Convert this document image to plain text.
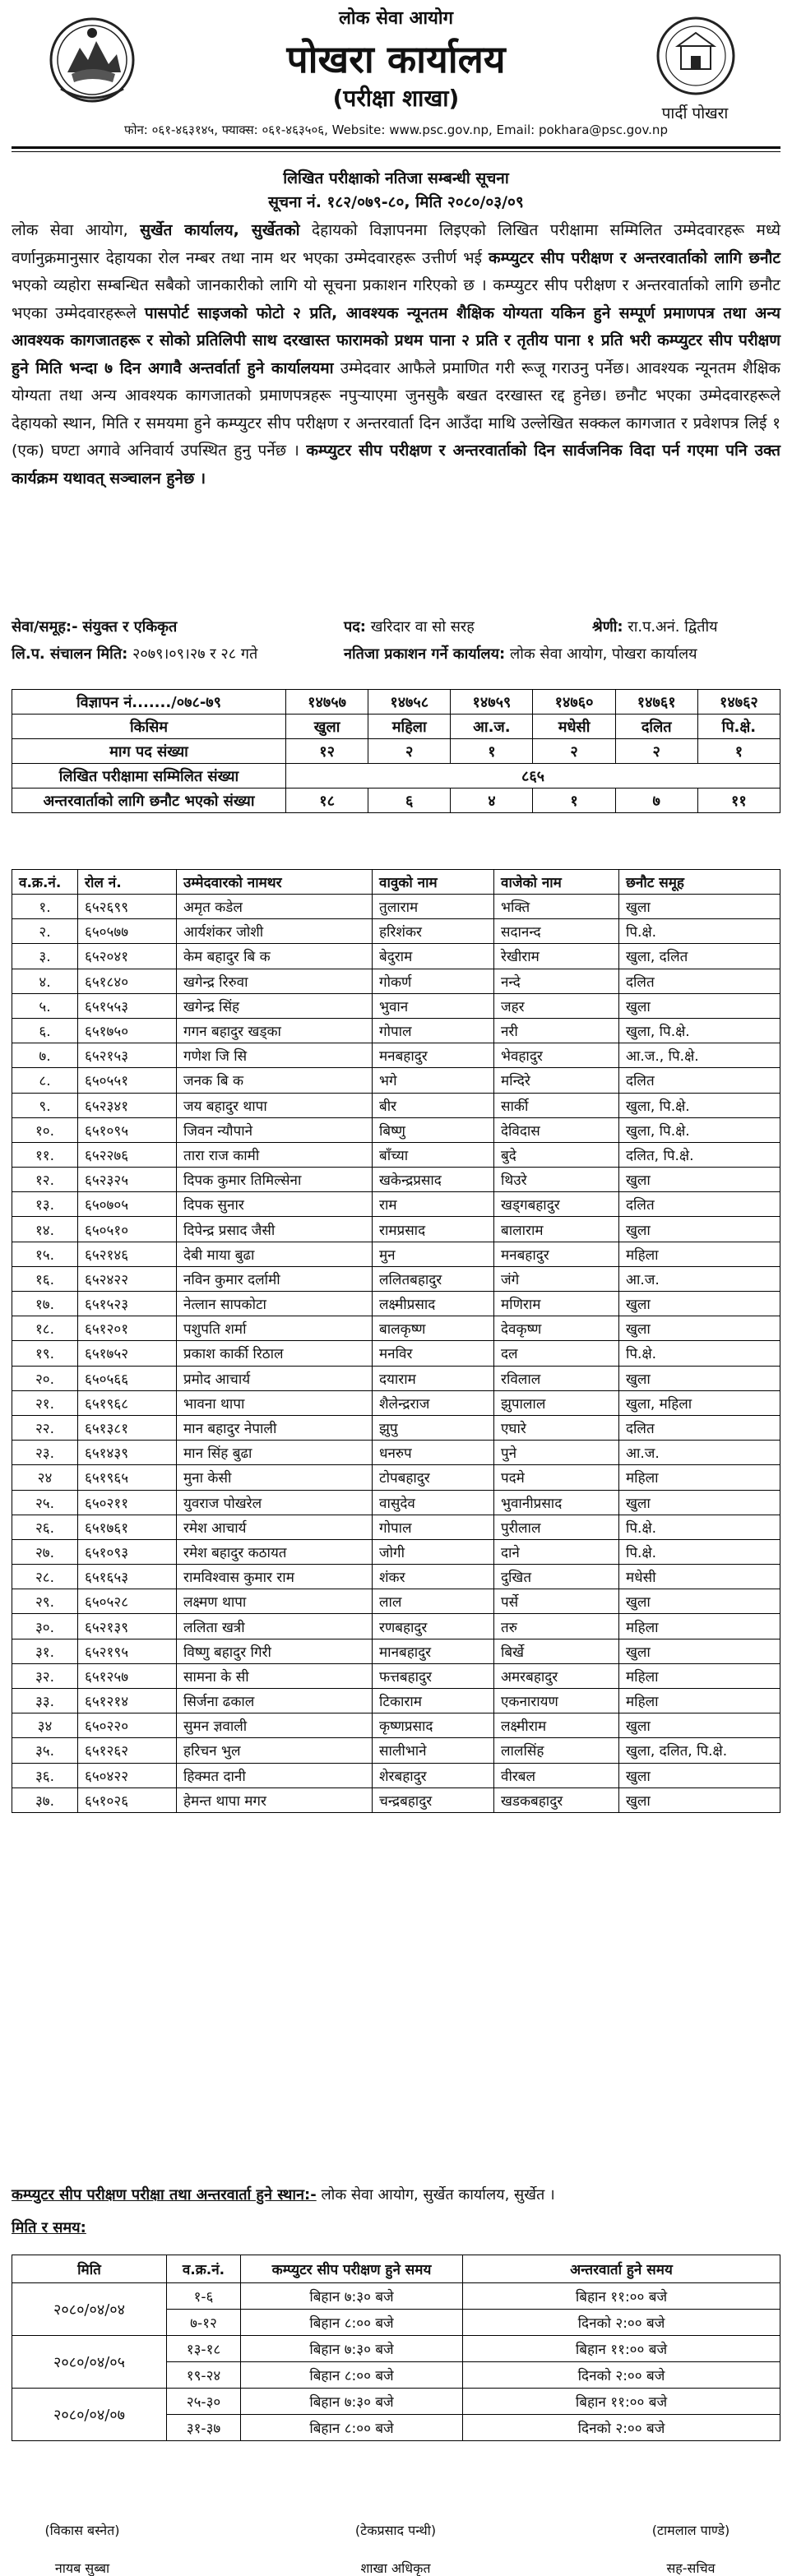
लोक सेवा आयोग
पोखरा कार्यालय
(परीक्षा शाखा)
पार्दी पोखरा
फोन: ०६१-४६३१४५, फ्याक्स: ०६१-४६३५०६, Website: www.psc.gov.np, Email: pokhara@psc.gov.np
लिखित परीक्षाको नतिजा सम्बन्धी सूचना
सूचना नं. १८२/०७९-८०, मिति २०८०/०३/०९
लोक सेवा आयोग, सुर्खेत कार्यालय, सुर्खेतको देहायको विज्ञापनमा लिइएको लिखित परीक्षामा सम्मिलित उम्मेदवारहरू मध्ये वर्णानुक्रमानुसार देहायका रोल नम्बर तथा नाम थर भएका उम्मेदवारहरू उत्तीर्ण भई कम्प्युटर सीप परीक्षण र अन्तरवार्ताको लागि छनौट भएको व्यहोरा सम्बन्धित सबैको जानकारीको लागि यो सूचना प्रकाशन गरिएको छ । कम्प्युटर सीप परीक्षण र अन्तरवार्ताको लागि छनौट भएका उम्मेदवारहरूले पासपोर्ट साइजको फोटो २ प्रति, आवश्यक न्यूनतम शैक्षिक योग्यता यकिन हुने सम्पूर्ण प्रमाणपत्र तथा अन्य आवश्यक कागजातहरू र सोको प्रतिलिपी साथ दरखास्त फारामको प्रथम पाना २ प्रति र तृतीय पाना १ प्रति भरी कम्प्युटर सीप परीक्षण हुने मिति भन्दा ७ दिन अगावै अन्तर्वार्ता हुने कार्यालयमा उम्मेदवार आफैले प्रमाणित गरी रूजू गराउनु पर्नेछ। आवश्यक न्यूनतम शैक्षिक योग्यता तथा अन्य आवश्यक कागजातको प्रमाणपत्रहरू नपुऱ्याएमा जुनसुकै बखत दरखास्त रद्द हुनेछ। छनौट भएका उम्मेदवारहरूले देहायको स्थान, मिति र समयमा हुने कम्प्युटर सीप परीक्षण र अन्तरवार्ता दिन आउँदा माथि उल्लेखित सक्कल कागजात र प्रवेशपत्र लिई १ (एक) घण्टा अगावे अनिवार्य उपस्थित हुनु पर्नेछ । कम्प्युटर सीप परीक्षण र अन्तरवार्ताको दिन सार्वजनिक विदा पर्न गएमा पनि उक्त कार्यक्रम यथावत् सञ्चालन हुनेछ ।
सेवा/समूह:- संयुक्त र एकिकृत	पद: खरिदार वा सो सरह	श्रेणी: रा.प.अनं. द्वितीय
लि.प. संचालन मिति: २०७९।०९।२७ र २८ गते	नतिजा प्रकाशन गर्ने कार्यालय: लोक सेवा आयोग, पोखरा कार्यालय
विज्ञापन नं......./०७८-७९	१४७५७	१४७५८	१४७५९	१४७६०	१४७६१	१४७६२
किसिम	खुला	महिला	आ.ज.	मधेसी	दलित	पि.क्षे.
माग पद संख्या	१२	२	१	२	२	१
लिखित परीक्षामा सम्मिलित संख्या	८६५					
अन्तरवार्ताको लागि छनौट भएको संख्या	१८	६	४	१	७	११
व.क्र.नं.	रोल नं.	उम्मेदवारको नामथर	वावुको नाम	वाजेको नाम	छनौट समूह
१.	६५२६९९	अमृत कडेल	तुलाराम	भक्ति	खुला
२.	६५०५७७	आर्यशंकर जोशी	हरिशंकर	सदानन्द	पि.क्षे.
३.	६५२०४१	केम बहादुर बि क	बेदुराम	रेखीराम	खुला, दलित
४.	६५१८४०	खगेन्द्र रिरुवा	गोकर्ण	नन्दे	दलित
५.	६५१५५३	खगेन्द्र सिंह	भुवान	जहर	खुला
६.	६५१७५०	गगन बहादुर खड्का	गोपाल	नरी	खुला, पि.क्षे.
७.	६५२१५३	गणेश जि सि	मनबहादुर	भेवहादुर	आ.ज., पि.क्षे.
८.	६५०५५१	जनक बि क	भगे	मन्दिरे	दलित
९.	६५२३४१	जय बहादुर थापा	बीर	सार्की	खुला, पि.क्षे.
१०.	६५१०९५	जिवन न्यौपाने	बिष्णु	देविदास	खुला, पि.क्षे.
११.	६५२२७६	तारा राज कामी	बाँच्या	बुदे	दलित, पि.क्षे.
१२.	६५२३२५	दिपक कुमार तिमिल्सेना	खकेन्द्रप्रसाद	थिउरे	खुला
१३.	६५०७०५	दिपक सुनार	राम	खड्गबहादुर	दलित
१४.	६५०५१०	दिपेन्द्र प्रसाद जैसी	रामप्रसाद	बालाराम	खुला
१५.	६५२१४६	देबी माया बुढा	मुन	मनबहादुर	महिला
१६.	६५२४२२	नविन कुमार दर्लामी	ललितबहादुर	जंगे	आ.ज.
१७.	६५१५२३	नेत्लान सापकोटा	लक्ष्मीप्रसाद	मणिराम	खुला
१८.	६५१२०१	पशुपति शर्मा	बालकृष्ण	देवकृष्ण	खुला
१९.	६५१७५२	प्रकाश कार्की रिठाल	मनविर	दल	पि.क्षे.
२०.	६५०५६६	प्रमोद आचार्य	दयाराम	रविलाल	खुला
२१.	६५१९६८	भावना थापा	शैलेन्द्रराज	झुपालाल	खुला, महिला
२२.	६५१३८१	मान बहादुर नेपाली	झुपु	एघारे	दलित
२३.	६५१४३९	मान सिंह बुढा	धनरुप	पुने	आ.ज.
२४	६५१९६५	मुना केसी	टोपबहादुर	पदमे	महिला
२५.	६५०२११	युवराज पोखरेल	वासुदेव	भुवानीप्रसाद	खुला
२६.	६५१७६१	रमेश आचार्य	गोपाल	पुरीलाल	पि.क्षे.
२७.	६५१०९३	रमेश बहादुर कठायत	जोगी	दाने	पि.क्षे.
२८.	६५१६५३	रामविश्वास कुमार राम	शंकर	दुखित	मधेसी
२९.	६५०५२८	लक्ष्मण थापा	लाल	पर्से	खुला
३०.	६५२१३९	ललिता खत्री	रणबहादुर	तरु	महिला
३१.	६५२१९५	विष्णु बहादुर गिरी	मानबहादुर	बिर्खे	खुला
३२.	६५१२५७	सामना के सी	फत्तबहादुर	अमरबहादुर	महिला
३३.	६५१२१४	सिर्जना ढकाल	टिकाराम	एकनारायण	महिला
३४	६५०२२०	सुमन ज्ञवाली	कृष्णप्रसाद	लक्ष्मीराम	खुला
३५.	६५१२६२	हरिचन भुल	सालीभाने	लालसिंह	खुला, दलित, पि.क्षे.
३६.	६५०४२२	हिक्मत दानी	शेरबहादुर	वीरबल	खुला
३७.	६५१०२६	हेमन्त थापा मगर	चन्द्रबहादुर	खडकबहादुर	खुला
कम्प्युटर सीप परीक्षण परीक्षा तथा अन्तरवार्ता हुने स्थान:- लोक सेवा आयोग, सुर्खेत कार्यालय, सुर्खेत ।
मिति र समय:
मिति	व.क्र.नं.	कम्प्युटर सीप परीक्षण हुने समय	अन्तरवार्ता हुने समय
२०८०/०४/०४	१-६	बिहान ७:३० बजे	बिहान ११:०० बजे
	७-१२	बिहान ८:०० बजे	दिनको २:०० बजे
२०८०/०४/०५	१३-१८	बिहान ७:३० बजे	बिहान ११:०० बजे
	१९-२४	बिहान ८:०० बजे	दिनको २:०० बजे
२०८०/०४/०७	२५-३०	बिहान ७:३० बजे	बिहान ११:०० बजे
	३१-३७	बिहान ८:०० बजे	दिनको २:०० बजे
(विकास बस्नेत)
नायब सुब्बा
(टेकप्रसाद पन्थी)
शाखा अधिकृत
(टामलाल पाण्डे)
सह-सचिव
